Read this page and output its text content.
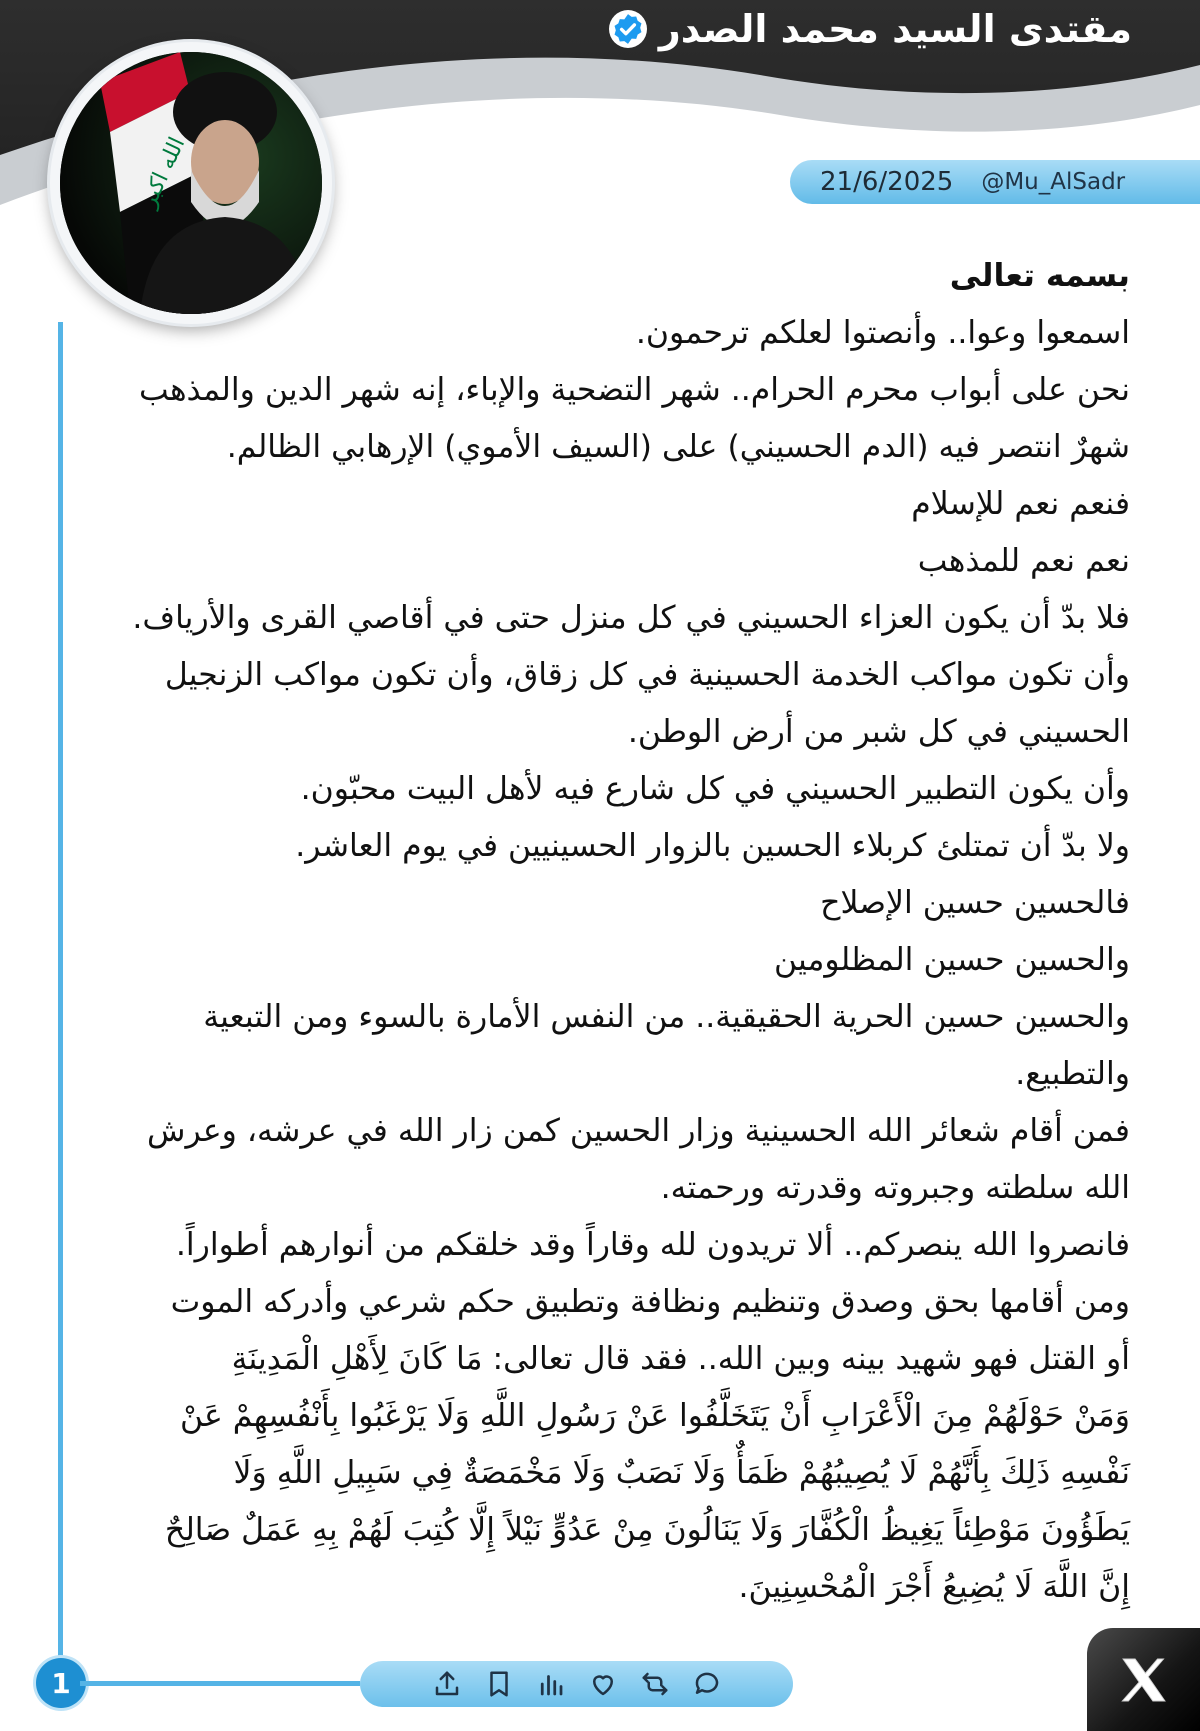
مقتدى السيد محمد الصدر
الله اكبر	21/6/2025 @Mu_AlSadr
بسمه تعالى
اسمعوا وعوا.. وأنصتوا لعلكم ترحمون.
نحن على أبواب محرم الحرام.. شهر التضحية والإباء، إنه شهر الدين والمذهب
شهرٌ انتصر فيه (الدم الحسيني) على (السيف الأموي) الإرهابي الظالم.
فنعم نعم للإسلام
نعم نعم للمذهب
فلا بدّ أن يكون العزاء الحسيني في كل منزل حتى في أقاصي القرى والأرياف.
وأن تكون مواكب الخدمة الحسينية في كل زقاق، وأن تكون مواكب الزنجيل
الحسيني في كل شبر من أرض الوطن.
وأن يكون التطبير الحسيني في كل شارع فيه لأهل البيت محبّون.
ولا بدّ أن تمتلئ كربلاء الحسين بالزوار الحسينيين في يوم العاشر.
فالحسين حسين الإصلاح
والحسين حسين المظلومين
والحسين حسين الحرية الحقيقية.. من النفس الأمارة بالسوء ومن التبعية
والتطبيع.
فمن أقام شعائر الله الحسينية وزار الحسين كمن زار الله في عرشه، وعرش
الله سلطته وجبروته وقدرته ورحمته.
فانصروا الله ينصركم.. ألا تريدون لله وقاراً وقد خلقكم من أنوارهم أطواراً.
ومن أقامها بحق وصدق وتنظيم ونظافة وتطبيق حكم شرعي وأدركه الموت
أو القتل فهو شهيد بينه وبين الله.. فقد قال تعالى: مَا كَانَ لِأَهْلِ الْمَدِينَةِ
وَمَنْ حَوْلَهُمْ مِنَ الْأَعْرَابِ أَنْ يَتَخَلَّفُوا عَنْ رَسُولِ اللَّهِ وَلَا يَرْغَبُوا بِأَنْفُسِهِمْ عَنْ
نَفْسِهِ ذَلِكَ بِأَنَّهُمْ لَا يُصِيبُهُمْ ظَمَأٌ وَلَا نَصَبٌ وَلَا مَخْمَصَةٌ فِي سَبِيلِ اللَّهِ وَلَا
يَطَؤُونَ مَوْطِئاً يَغِيظُ الْكُفَّارَ وَلَا يَنَالُونَ مِنْ عَدُوٍّ نَيْلاً إِلَّا كُتِبَ لَهُمْ بِهِ عَمَلٌ صَالِحٌ
إِنَّ اللَّهَ لَا يُضِيعُ أَجْرَ الْمُحْسِنِينَ.
1
